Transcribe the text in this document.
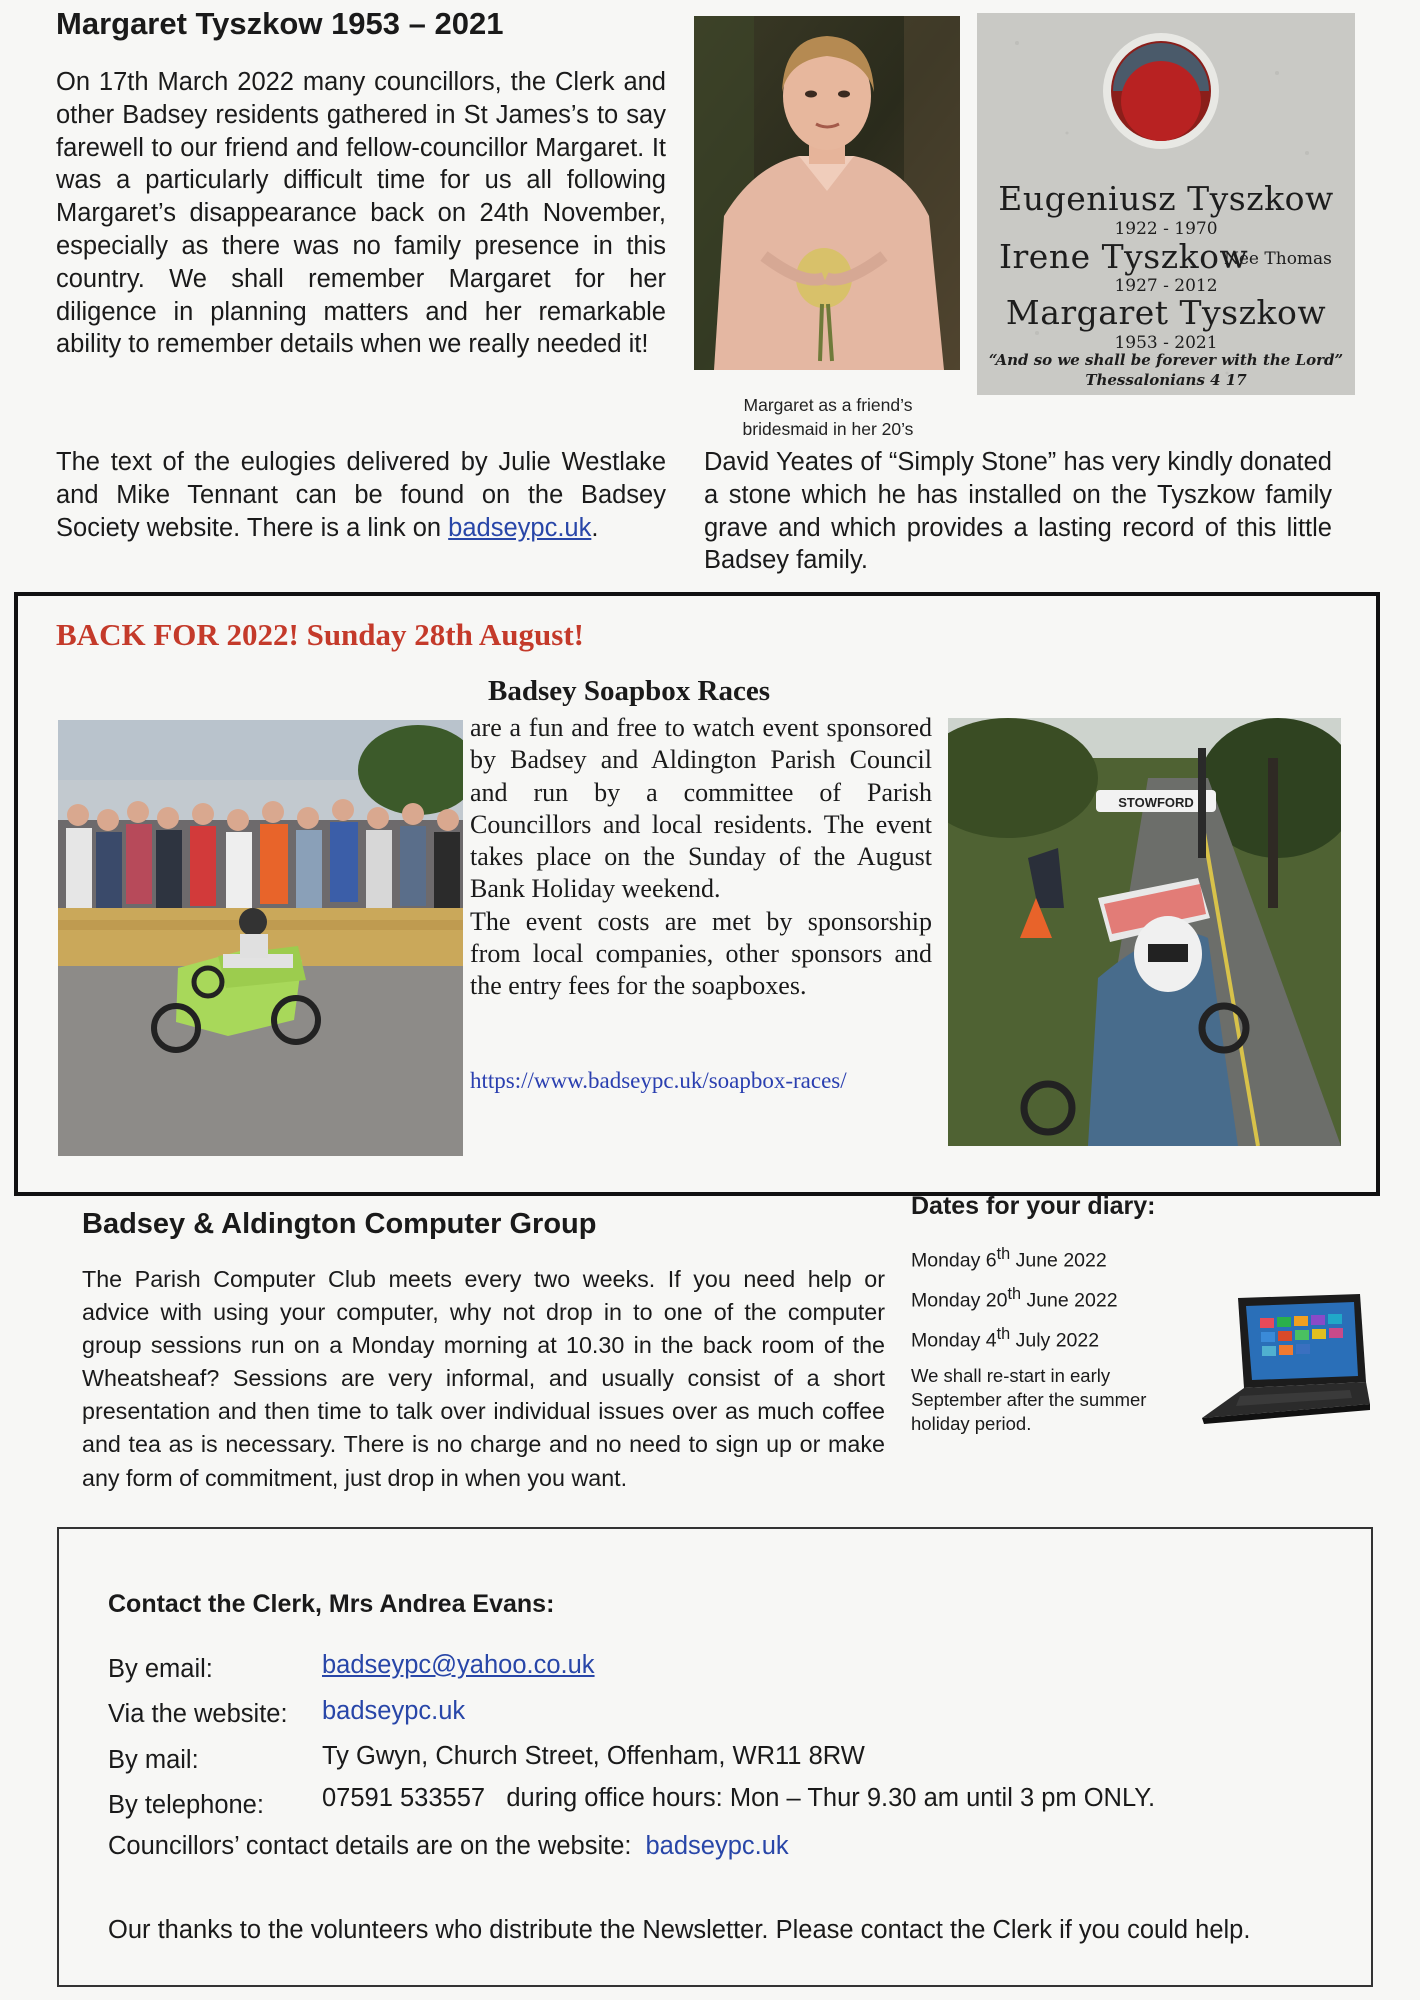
Margaret Tyszkow 1953 – 2021
On 17th March 2022 many councillors, the Clerk and other Badsey residents gathered in St James’s to say farewell to our friend and fellow-councillor Margaret. It was a particularly difficult time for us all following Margaret’s disappearance back on 24th November, especially as there was no family presence in this country. We shall remember Margaret for her diligence in planning matters and her remarkable ability to remember details when we really needed it!
The text of the eulogies delivered by Julie Westlake and Mike Tennant can be found on the Badsey Society website. There is a link on badseypc.uk.
Margaret as a friend’s
bridesmaid in her 20’s
Eugeniusz Tyszkow
1922 - 1970
Irene Tyszkow
Nee Thomas
1927 - 2012
Margaret Tyszkow
1953 - 2021
“And so we shall be forever with the Lord”
Thessalonians 4 17
David Yeates of “Simply Stone” has very kindly donated a stone which he has installed on the Tyszkow family grave and which provides a lasting record of this little Badsey family.
BACK FOR 2022! Sunday 28th August!
Badsey Soapbox Races
are a fun and free to watch event sponsored by Badsey and Aldington Parish Council and run by a committee of Parish Councillors and local residents. The event takes place on the Sunday of the August Bank Holiday weekend.
The event costs are met by sponsorship from local companies, other sponsors and the entry fees for the soapboxes.
https://www.badseypc.uk/soapbox-races/
STOWFORD
Badsey & Aldington Computer Group
The Parish Computer Club meets every two weeks. If you need help or advice with using your computer, why not drop in to one of the computer group sessions run on a Monday morning at 10.30 in the back room of the Wheatsheaf? Sessions are very informal, and usually consist of a short presentation and then time to talk over individual issues over as much coffee and tea as is necessary. There is no charge and no need to sign up or make any form of commitment, just drop in when you want.
Dates for your diary:
Monday 6th June 2022
Monday 20th June 2022
Monday 4th July 2022
We shall re-start in early September after the summer holiday period.
Contact the Clerk, Mrs Andrea Evans:
By email:	badseypc@yahoo.co.uk
Via the website: badseypc.uk
By mail:	Ty Gwyn, Church Street, Offenham, WR11 8RW
By telephone: 07591 533557   during office hours: Mon – Thur 9.30 am until 3 pm ONLY.
Councillors’ contact details are on the website: badseypc.uk
Our thanks to the volunteers who distribute the Newsletter. Please contact the Clerk if you could help.
